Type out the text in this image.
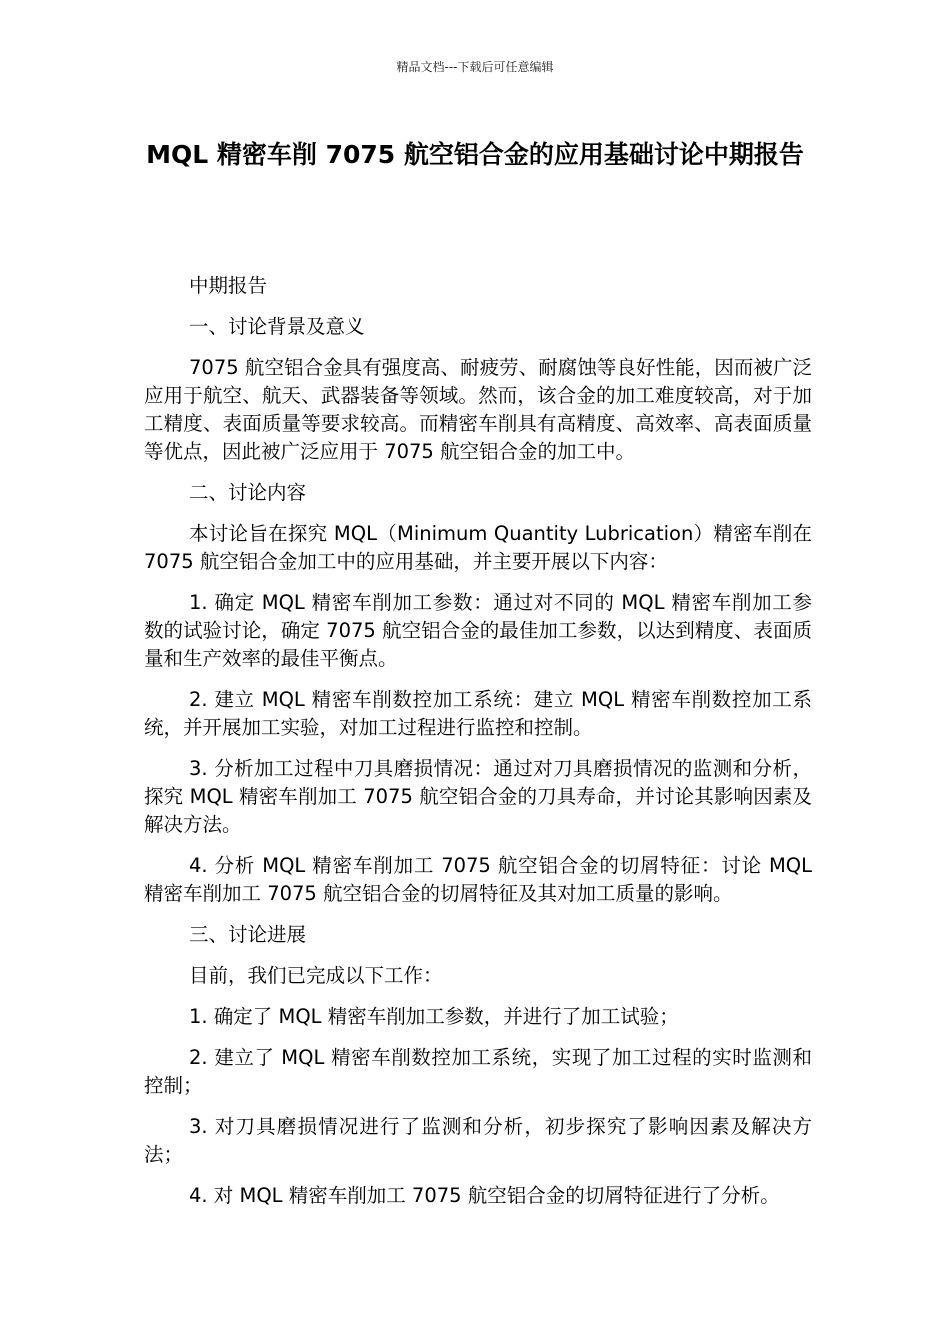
精品文档---下载后可任意编辑
MQL 精密车削 7075 航空铝合金的应用基础讨论中期报告

中期报告

一、讨论背景及意义

7075 航空铝合金具有强度高、耐疲劳、耐腐蚀等良好性能，因而被广泛应用于航空、航天、武器装备等领域。然而，该合金的加工难度较高，对于加工精度、表面质量等要求较高。而精密车削具有高精度、高效率、高表面质量等优点，因此被广泛应用于 7075 航空铝合金的加工中。

二、讨论内容

本讨论旨在探究 MQL（Minimum Quantity Lubrication）精密车削在 7075 航空铝合金加工中的应用基础，并主要开展以下内容：

1. 确定 MQL 精密车削加工参数：通过对不同的 MQL 精密车削加工参数的试验讨论，确定 7075 航空铝合金的最佳加工参数，以达到精度、表面质量和生产效率的最佳平衡点。

2. 建立 MQL 精密车削数控加工系统：建立 MQL 精密车削数控加工系统，并开展加工实验，对加工过程进行监控和控制。

3. 分析加工过程中刀具磨损情况：通过对刀具磨损情况的监测和分析，探究 MQL 精密车削加工 7075 航空铝合金的刀具寿命，并讨论其影响因素及解决方法。

4. 分析 MQL 精密车削加工 7075 航空铝合金的切屑特征：讨论 MQL 精密车削加工 7075 航空铝合金的切屑特征及其对加工质量的影响。

三、讨论进展

目前，我们已完成以下工作：

1. 确定了 MQL 精密车削加工参数，并进行了加工试验；

2. 建立了 MQL 精密车削数控加工系统，实现了加工过程的实时监测和控制；

3. 对刀具磨损情况进行了监测和分析，初步探究了影响因素及解决方法；

4. 对 MQL 精密车削加工 7075 航空铝合金的切屑特征进行了分析。
